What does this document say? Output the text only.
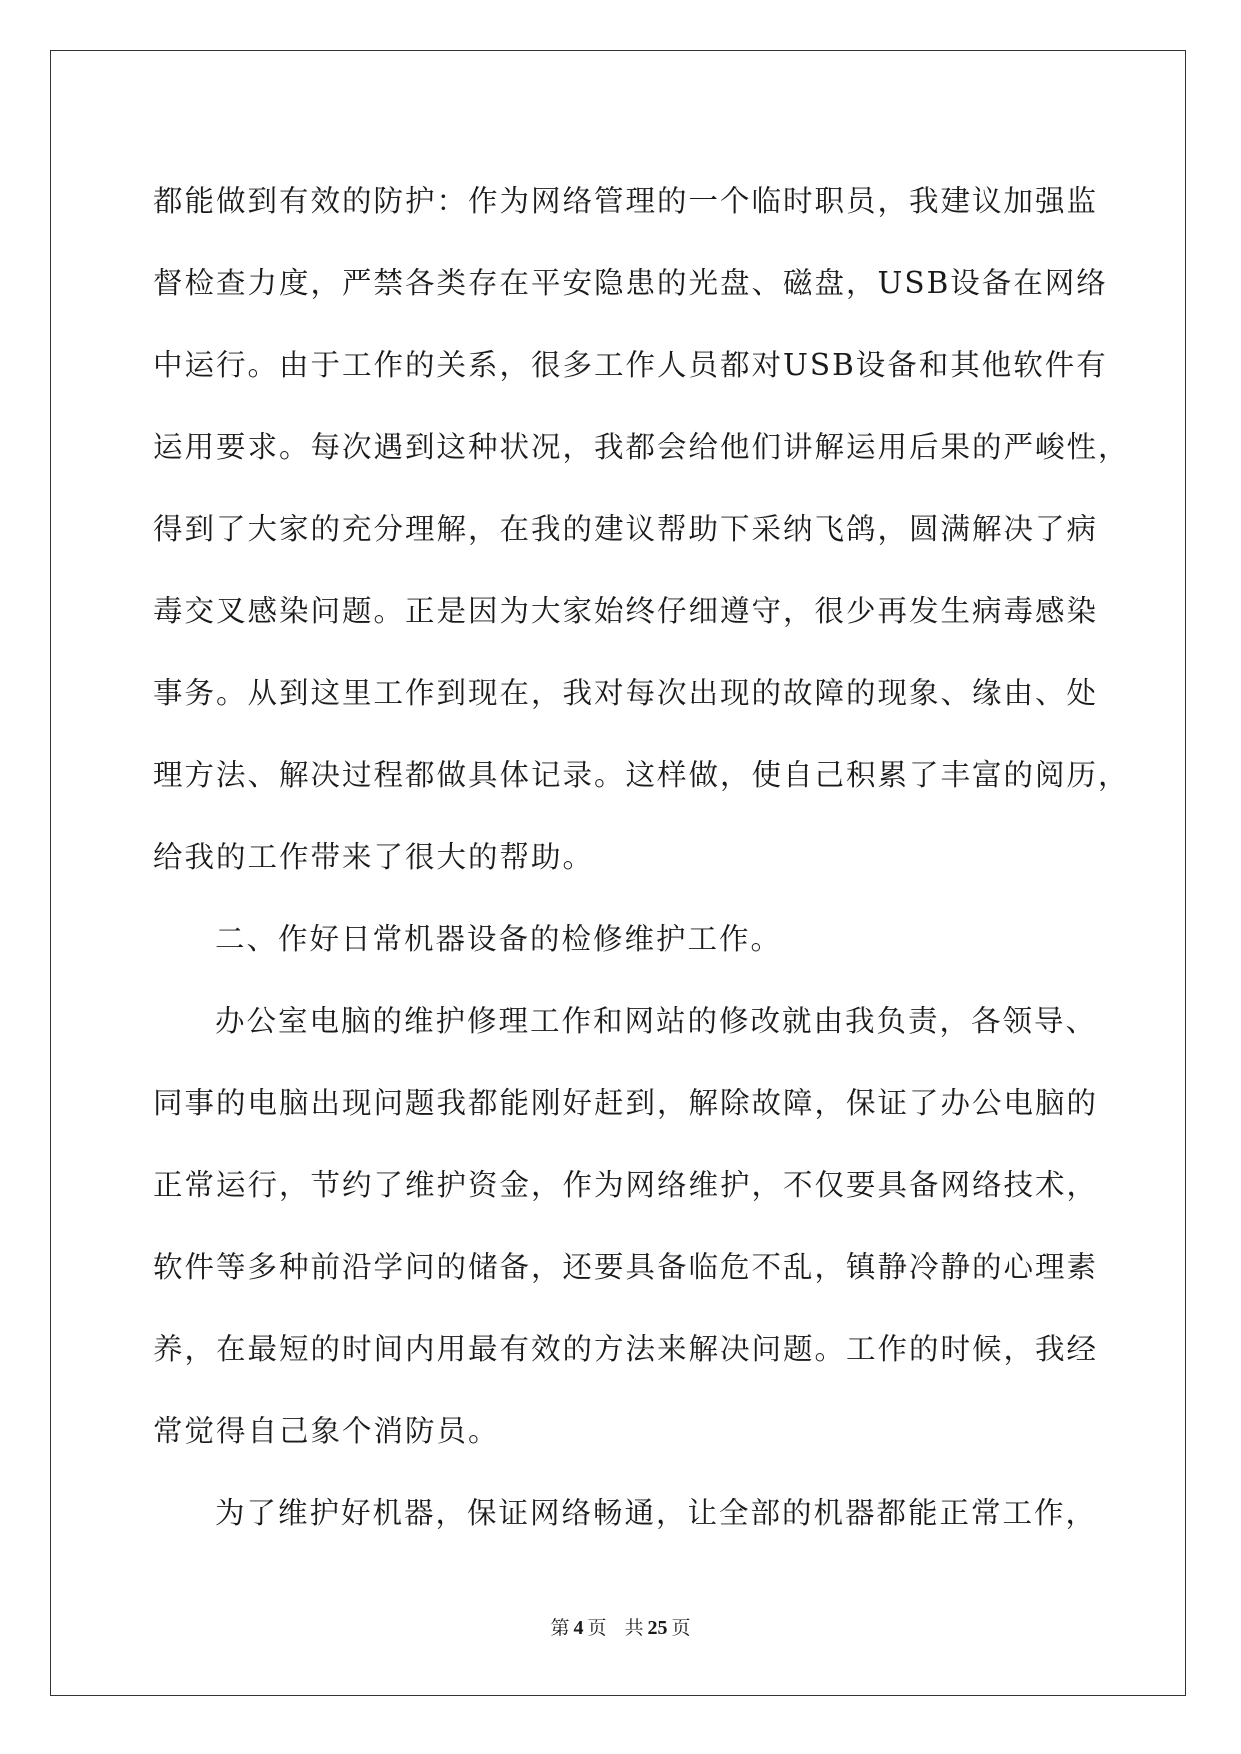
都能做到有效的防护：作为网络管理的一个临时职员，我建议加强监
督检查力度，严禁各类存在平安隐患的光盘、磁盘，USB设备在网络
中运行。由于工作的关系，很多工作人员都对USB设备和其他软件有
运用要求。每次遇到这种状况，我都会给他们讲解运用后果的严峻性，
得到了大家的充分理解，在我的建议帮助下采纳飞鸽，圆满解决了病
毒交叉感染问题。正是因为大家始终仔细遵守，很少再发生病毒感染
事务。从到这里工作到现在，我对每次出现的故障的现象、缘由、处
理方法、解决过程都做具体记录。这样做，使自己积累了丰富的阅历，
给我的工作带来了很大的帮助。
二、作好日常机器设备的检修维护工作。
办公室电脑的维护修理工作和网站的修改就由我负责，各领导、
同事的电脑出现问题我都能刚好赶到，解除故障，保证了办公电脑的
正常运行，节约了维护资金，作为网络维护，不仅要具备网络技术，
软件等多种前沿学问的储备，还要具备临危不乱，镇静冷静的心理素
养，在最短的时间内用最有效的方法来解决问题。工作的时候，我经
常觉得自己象个消防员。
为了维护好机器，保证网络畅通，让全部的机器都能正常工作，
第 4 页 共 25 页
